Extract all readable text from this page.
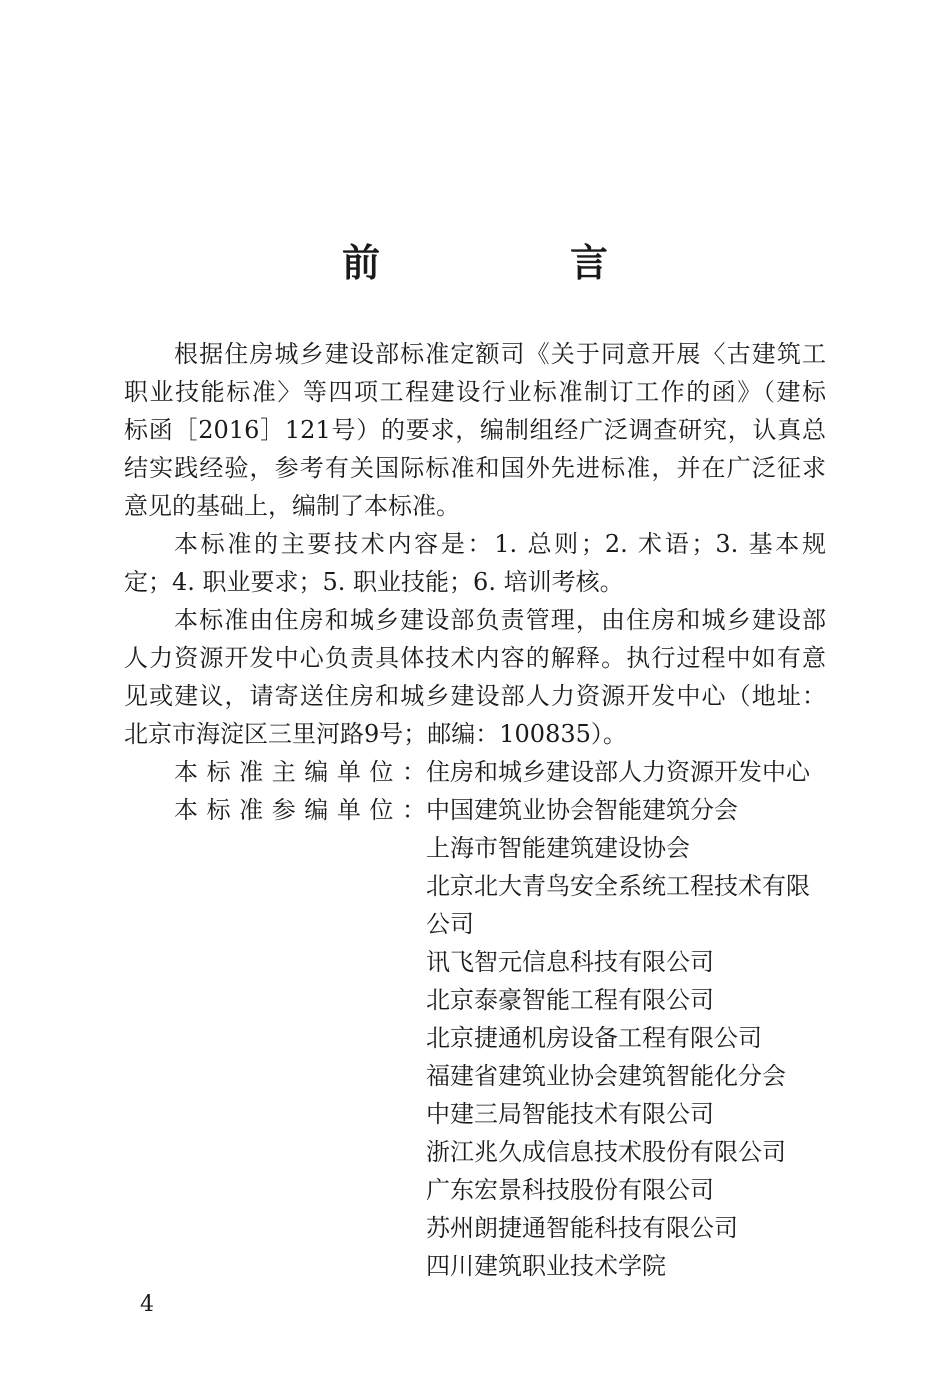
前　言
根据住房城乡建设部标准定额司《关于同意开展〈古建筑工
职业技能标准〉等四项工程建设行业标准制订工作的函》（建标
标函［2016］121号）的要求，编制组经广泛调查研究，认真总
结实践经验，参考有关国际标准和国外先进标准，并在广泛征求
意见的基础上，编制了本标准。
本标准的主要技术内容是：1. 总则；2. 术语；3. 基本规
定；4. 职业要求；5. 职业技能；6. 培训考核。
本标准由住房和城乡建设部负责管理，由住房和城乡建设部
人力资源开发中心负责具体技术内容的解释。执行过程中如有意
见或建议，请寄送住房和城乡建设部人力资源开发中心（地址：
北京市海淀区三里河路9号；邮编：100835）。
本标准主编单位： 住房和城乡建设部人力资源开发中心
本标准参编单位： 中国建筑业协会智能建筑分会
上海市智能建筑建设协会
北京北大青鸟安全系统工程技术有限
公司
讯飞智元信息科技有限公司
北京泰豪智能工程有限公司
北京捷通机房设备工程有限公司
福建省建筑业协会建筑智能化分会
中建三局智能技术有限公司
浙江兆久成信息技术股份有限公司
广东宏景科技股份有限公司
苏州朗捷通智能科技有限公司
四川建筑职业技术学院
4
